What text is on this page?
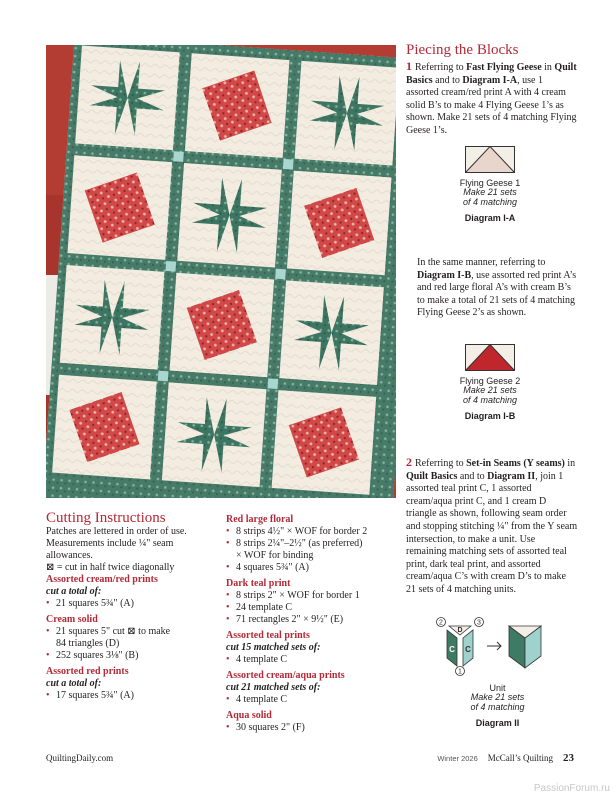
Piecing the Blocks
1 Referring to Fast Flying Geese in Quilt Basics and to Diagram I-A, use 1 assorted cream/red print A with 4 cream solid B’s to make 4 Flying Geese 1’s as shown. Make 21 sets of 4 matching Flying Geese 1’s.
Flying Geese 1
Make 21 sets
of 4 matching
Diagram I-A
In the same manner, referring to Diagram I-B, use assorted red print A’s and red large floral A’s with cream B’s to make a total of 21 sets of 4 matching Flying Geese 2’s as shown.
Flying Geese 2
Make 21 sets
of 4 matching
Diagram I-B
2 Referring to Set-in Seams (Y seams) in Quilt Basics and to Diagram II, join 1 assorted teal print C, 1 assorted cream/aqua print C, and 1 cream D triangle as shown, following seam order and stopping stitching ¼" from the Y seam intersection, to make a unit. Use remaining matching sets of assorted teal print, dark teal print, and assorted cream/aqua C’s with cream D’s to make 21 sets of 4 matching units.
C C
D
2	3
1
Unit
Make 21 sets
of 4 matching
Diagram II
Cutting Instructions
Patches are lettered in order of use. Measurements include ¼" seam allowances.
⊠ = cut in half twice diagonally
Assorted cream/red prints
cut a total of:
• 21 squares 5¾" (A)
Cream solid
• 21 squares 5" cut ⊠ to make
84 triangles (D)
• 252 squares 3⅛" (B)
Assorted red prints
cut a total of:
• 17 squares 5¾" (A)
Red large floral
• 8 strips 4½" × WOF for border 2
• 8 strips 2¼"–2½" (as preferred)
× WOF for binding
• 4 squares 5¾" (A)
Dark teal print
• 8 strips 2" × WOF for border 1
• 24 template C
• 71 rectangles 2" × 9½" (E)
Assorted teal prints
cut 15 matched sets of:
• 4 template C
Assorted cream/aqua prints
cut 21 matched sets of:
• 4 template C
Aqua solid
• 30 squares 2" (F)
QuiltingDaily.com	Winter 2026 McCall’s Quilting 23
PassionForum.ru
